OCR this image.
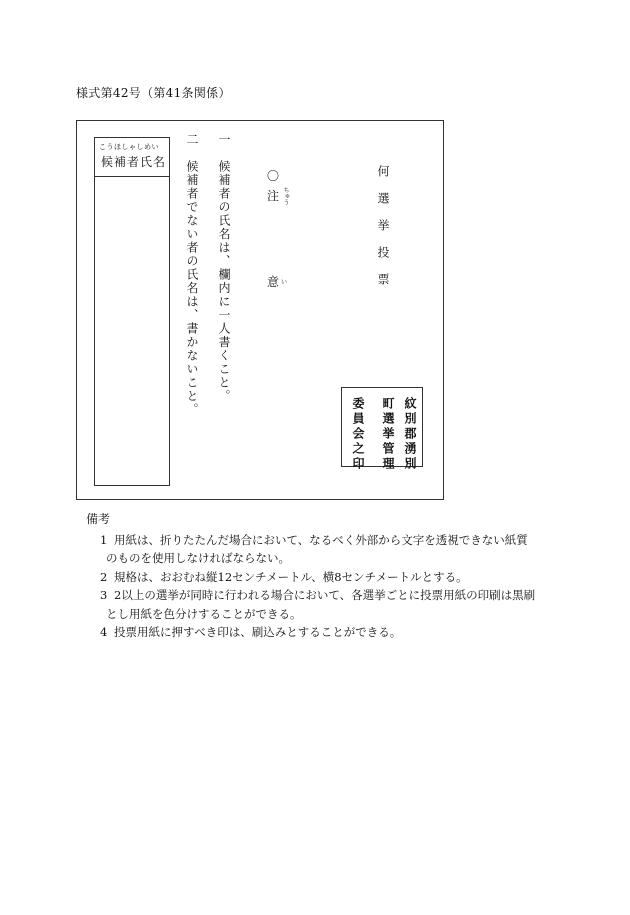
様式第42号（第41条関係）
こうほしゃしめい
候補者氏名	一　候補者の氏名は、欄内に一人書くこと。
二　候補者でない者の氏名は、書かないこと。	〇
注 ちゅう
意 い	何選挙投票
紋別郡湧別
町選挙管理
委員会之印
備考
1 用紙は、折りたたんだ場合において、なるべく外部から文字を透視できない紙質
のものを使用しなければならない。
2 規格は、おおむね縦12センチメートル、横8センチメートルとする。
3 2以上の選挙が同時に行われる場合において、各選挙ごとに投票用紙の印刷は黒刷
とし用紙を色分けすることができる。
4 投票用紙に押すべき印は、刷込みとすることができる。
